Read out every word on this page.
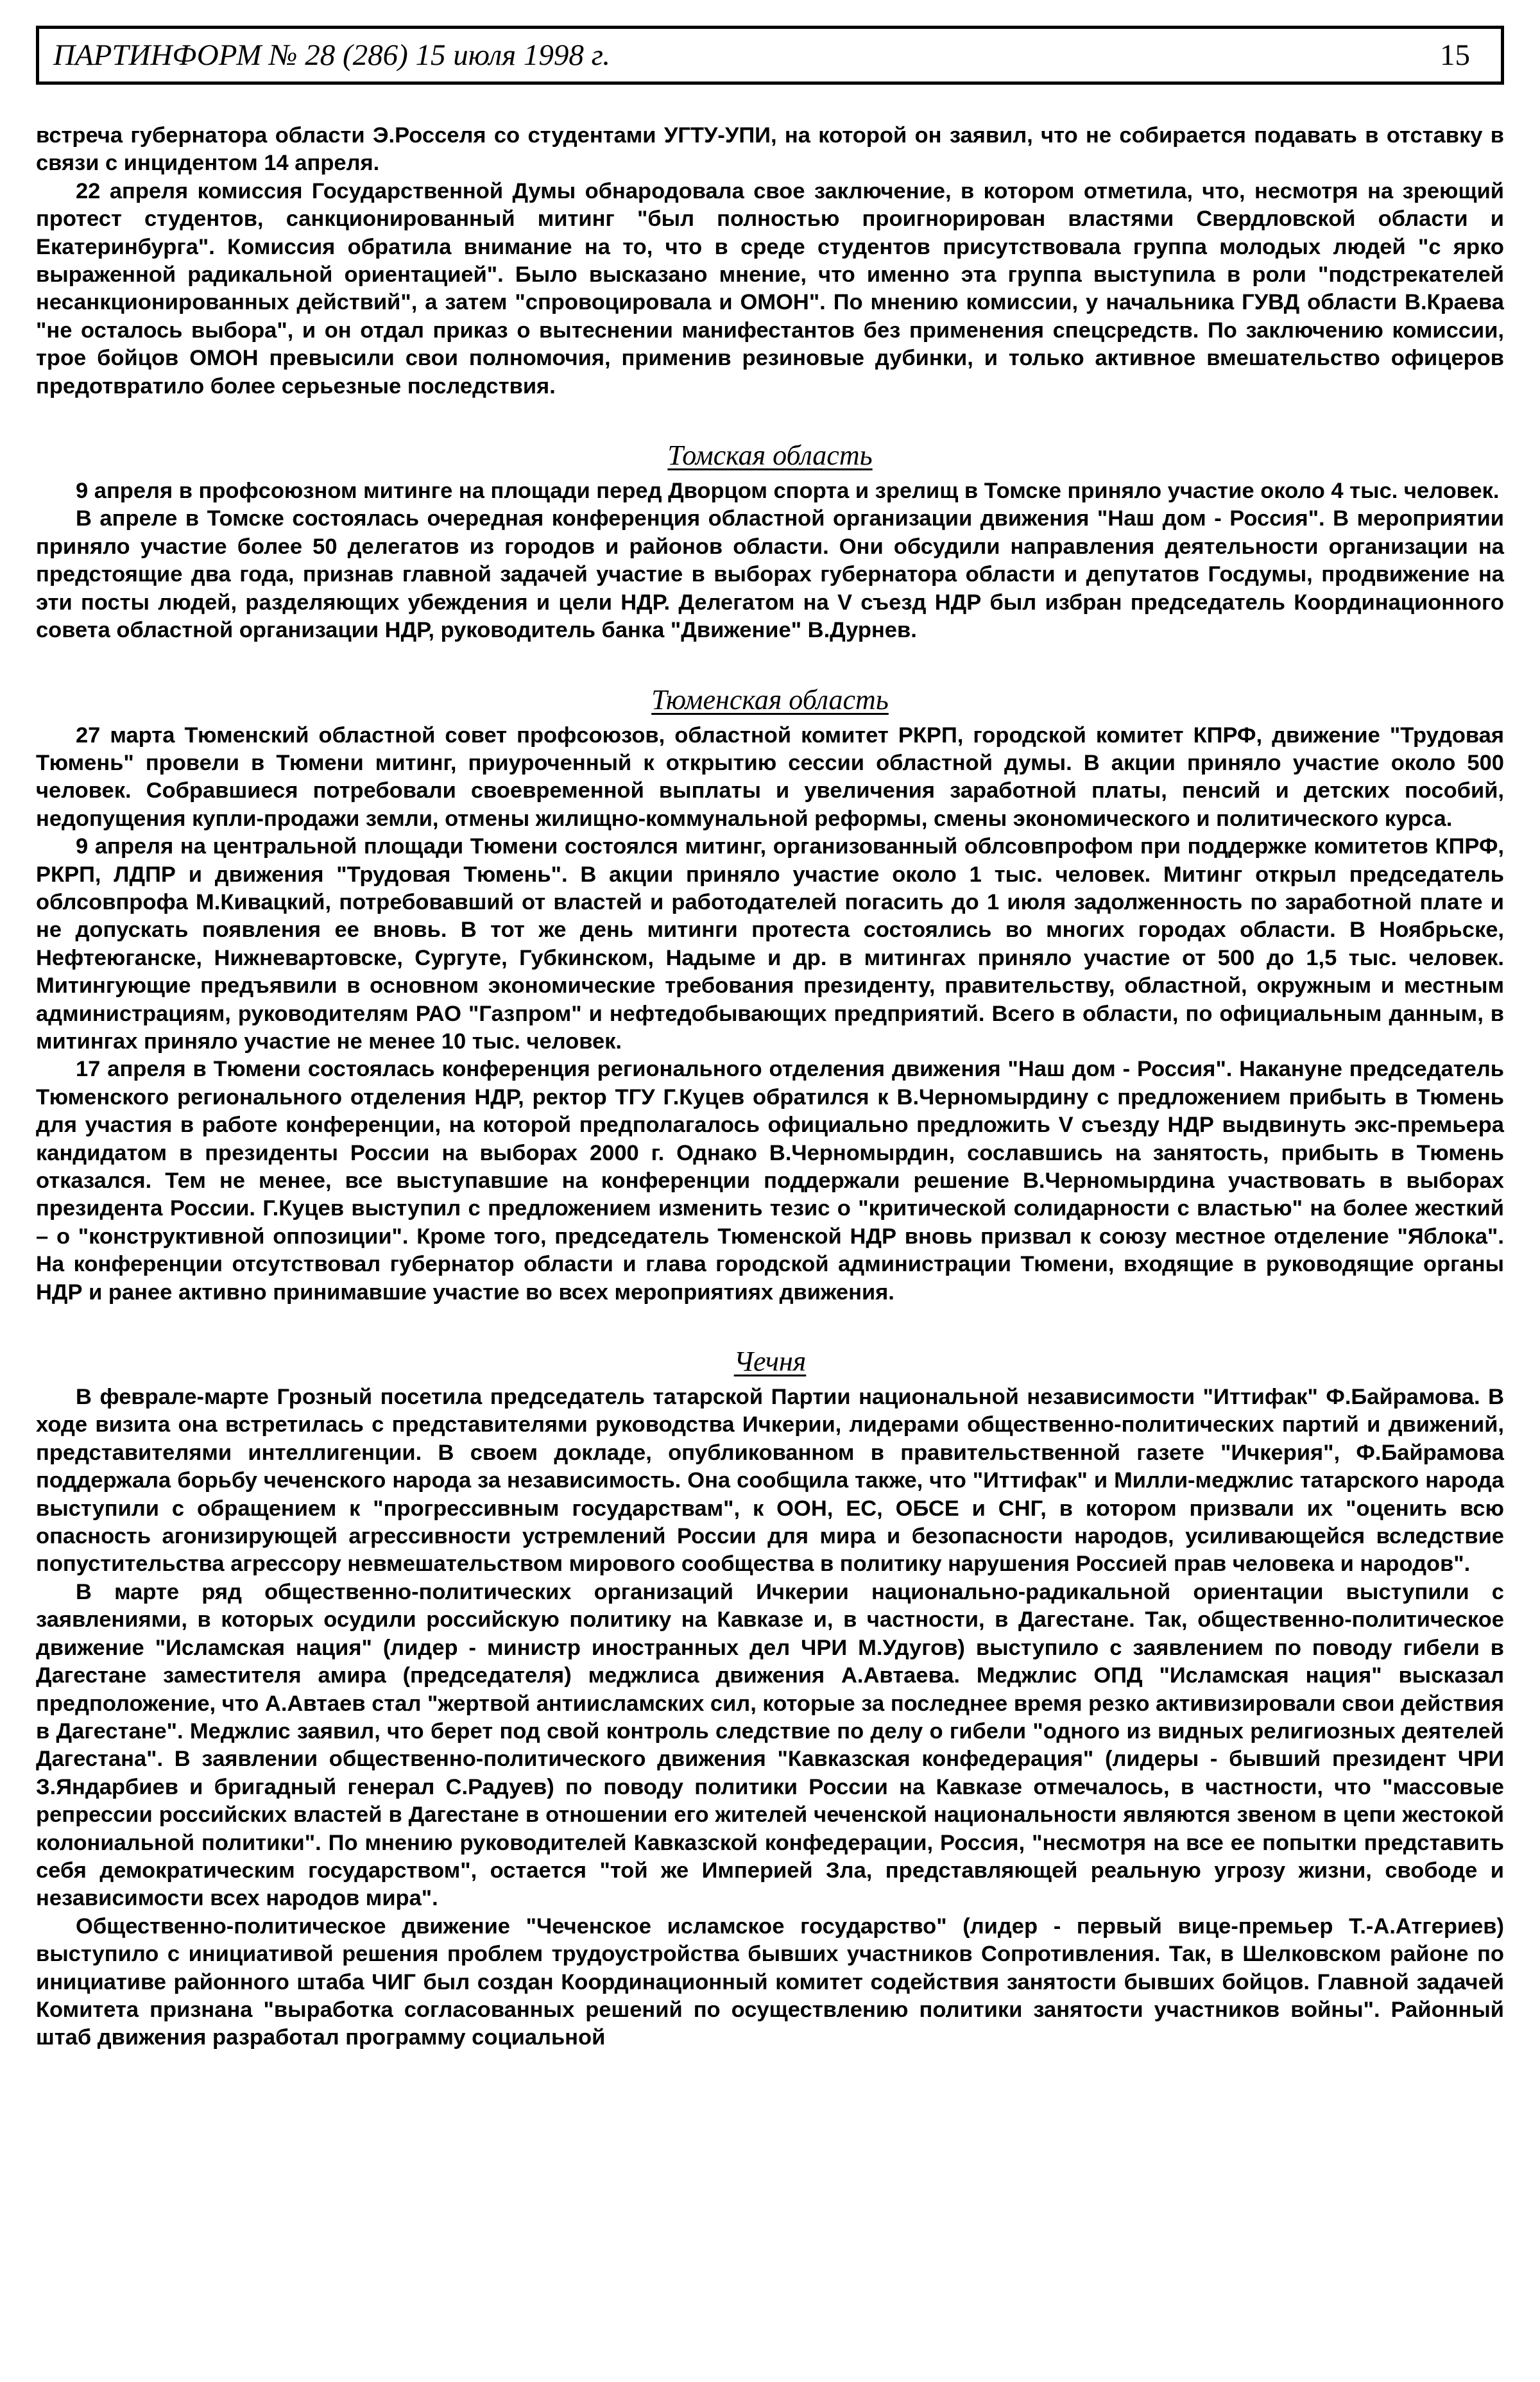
ПАРТИНФОРМ № 28 (286) 15 июля 1998 г.	15

встреча губернатора области Э.Росселя со студентами УГТУ-УПИ, на которой он заявил, что не собирается подавать в отставку в связи с инцидентом 14 апреля.

22 апреля комиссия Государственной Думы обнародовала свое заключение, в котором отметила, что, несмотря на зреющий протест студентов, санкционированный митинг "был полностью проигнорирован властями Свердловской области и Екатеринбурга". Комиссия обратила внимание на то, что в среде студентов присутствовала группа молодых людей "с ярко выраженной радикальной ориентацией". Было высказано мнение, что именно эта группа выступила в роли "подстрекателей несанкционированных действий", а затем "спровоцировала и ОМОН". По мнению комиссии, у начальника ГУВД области В.Краева "не осталось выбора", и он отдал приказ о вытеснении манифестантов без применения спецсредств. По заключению комиссии, трое бойцов ОМОН превысили свои полномочия, применив резиновые дубинки, и только активное вмешательство офицеров предотвратило более серьезные последствия.

Томская область

9 апреля в профсоюзном митинге на площади перед Дворцом спорта и зрелищ в Томске приняло участие около 4 тыс. человек.

В апреле в Томске состоялась очередная конференция областной организации движения "Наш дом - Россия". В мероприятии приняло участие более 50 делегатов из городов и районов области. Они обсудили направления деятельности организации на предстоящие два года, признав главной задачей участие в выборах губернатора области и депутатов Госдумы, продвижение на эти посты людей, разделяющих убеждения и цели НДР. Делегатом на V съезд НДР был избран председатель Координационного совета областной организации НДР, руководитель банка "Движение" В.Дурнев.

Тюменская область

27 марта Тюменский областной совет профсоюзов, областной комитет РКРП, городской комитет КПРФ, движение "Трудовая Тюмень" провели в Тюмени митинг, приуроченный к открытию сессии областной думы. В акции приняло участие около 500 человек. Собравшиеся потребовали своевременной выплаты и увеличения заработной платы, пенсий и детских пособий, недопущения купли-продажи земли, отмены жилищно-коммунальной реформы, смены экономического и политического курса.

9 апреля на центральной площади Тюмени состоялся митинг, организованный облсовпрофом при поддержке комитетов КПРФ, РКРП, ЛДПР и движения "Трудовая Тюмень". В акции приняло участие около 1 тыс. человек. Митинг открыл председатель облсовпрофа М.Кивацкий, потребовавший от властей и работодателей погасить до 1 июля задолженность по заработной плате и не допускать появления ее вновь. В тот же день митинги протеста состоялись во многих городах области. В Ноябрьске, Нефтеюганске, Нижневартовске, Сургуте, Губкинском, Надыме и др. в митингах приняло участие от 500 до 1,5 тыс. человек. Митингующие предъявили в основном экономические требования президенту, правительству, областной, окружным и местным администрациям, руководителям РАО "Газпром" и нефтедобывающих предприятий. Всего в области, по официальным данным, в митингах приняло участие не менее 10 тыс. человек.

17 апреля в Тюмени состоялась конференция регионального отделения движения "Наш дом - Россия". Накануне председатель Тюменского регионального отделения НДР, ректор ТГУ Г.Куцев обратился к В.Черномырдину с предложением прибыть в Тюмень для участия в работе конференции, на которой предполагалось официально предложить V съезду НДР выдвинуть экс-премьера кандидатом в президенты России на выборах 2000 г. Однако В.Черномырдин, сославшись на занятость, прибыть в Тюмень отказался. Тем не менее, все выступавшие на конференции поддержали решение В.Черномырдина участвовать в выборах президента России. Г.Куцев выступил с предложением изменить тезис о "критической солидарности с властью" на более жесткий – о "конструктивной оппозиции". Кроме того, председатель Тюменской НДР вновь призвал к союзу местное отделение "Яблока". На конференции отсутствовал губернатор области и глава городской администрации Тюмени, входящие в руководящие органы НДР и ранее активно принимавшие участие во всех мероприятиях движения.

Чечня

В феврале-марте Грозный посетила председатель татарской Партии национальной независимости "Иттифак" Ф.Байрамова. В ходе визита она встретилась с представителями руководства Ичкерии, лидерами общественно-политических партий и движений, представителями интеллигенции. В своем докладе, опубликованном в правительственной газете "Ичкерия", Ф.Байрамова поддержала борьбу чеченского народа за независимость. Она сообщила также, что "Иттифак" и Милли-меджлис татарского народа выступили с обращением к "прогрессивным государствам", к ООН, ЕС, ОБСЕ и СНГ, в котором призвали их "оценить всю опасность агонизирующей агрессивности устремлений России для мира и безопасности народов, усиливающейся вследствие попустительства агрессору невмешательством мирового сообщества в политику нарушения Россией прав человека и народов".

В марте ряд общественно-политических организаций Ичкерии национально-радикальной ориентации выступили с заявлениями, в которых осудили российскую политику на Кавказе и, в частности, в Дагестане. Так, общественно-политическое движение "Исламская нация" (лидер - министр иностранных дел ЧРИ М.Удугов) выступило с заявлением по поводу гибели в Дагестане заместителя амира (председателя) меджлиса движения А.Автаева. Меджлис ОПД "Исламская нация" высказал предположение, что А.Автаев стал "жертвой антиисламских сил, которые за последнее время резко активизировали свои действия в Дагестане". Меджлис заявил, что берет под свой контроль следствие по делу о гибели "одного из видных религиозных деятелей Дагестана". В заявлении общественно-политического движения "Кавказская конфедерация" (лидеры - бывший президент ЧРИ З.Яндарбиев и бригадный генерал С.Радуев) по поводу политики России на Кавказе отмечалось, в частности, что "массовые репрессии российских властей в Дагестане в отношении его жителей чеченской национальности являются звеном в цепи жестокой колониальной политики". По мнению руководителей Кавказской конфедерации, Россия, "несмотря на все ее попытки представить себя демократическим государством", остается "той же Империей Зла, представляющей реальную угрозу жизни, свободе и независимости всех народов мира".

Общественно-политическое движение "Чеченское исламское государство" (лидер - первый вице-премьер Т.-А.Атгериев) выступило с инициативой решения проблем трудоустройства бывших участников Сопротивления. Так, в Шелковском районе по инициативе районного штаба ЧИГ был создан Координационный комитет содействия занятости бывших бойцов. Главной задачей Комитета признана "выработка согласованных решений по осуществлению политики занятости участников войны". Районный штаб движения разработал программу социальной
